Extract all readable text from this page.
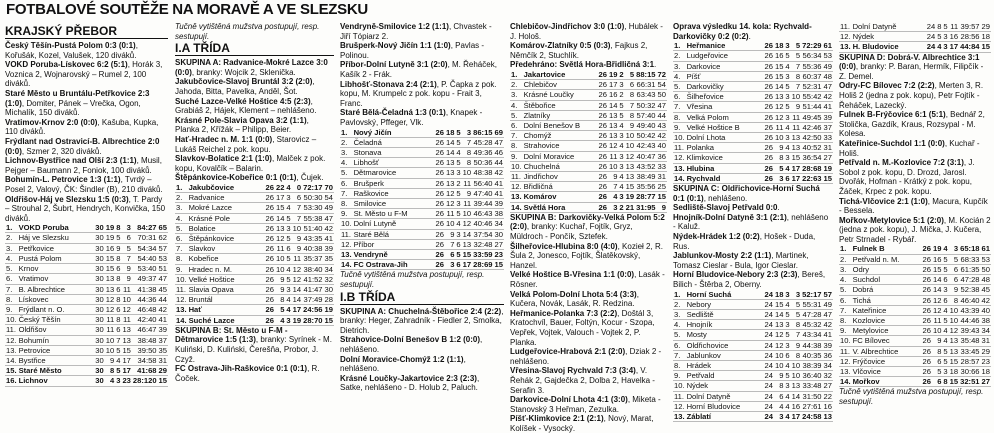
FOTBALOVÉ SOUTĚŽE NA MORAVĚ A VE SLEZSKU
KRAJSKÝ PŘEBOR

Český Těšín-Pustá Polom 0:3 (0:1), Kořušák, Kozel, Valušek, 120 diváků.

VOKD Poruba-Lískovec 6:2 (5:1), Horák 3, Voznica 2, Wojnarovský – Rumel 2, 100 diváků.

Staré Město u Bruntálu-Petřkovice 2:3 (1:0), Domiter, Pánek – Vrečka, Ogon, Michalík, 150 diváků.

Vratimov-Krnov 2:0 (0:0), Kašuba, Kupka, 110 diváků.

Frýdlant nad Ostravicí-B. Albrechtice 2:0 (0:0), Szmer 2, 320 diváků.

Lichnov-Bystřice nad Olší 2:3 (1:1), Musil, Pejger – Baumann 2, Foniok, 100 diváků.

Bohumín-L. Petrovice 1:3 (1:1), Tvrdý – Posel 2, Valový, ČK: Šindler (B), 210 diváků.

Oldřišov-Háj ve Slezsku 1:5 (0:3), T. Pardy – Strouhal 2, Šubrt, Hendrych, Konvička, 150 diváků.

1.	VOKD Poruba	30	19	8	3	84:27	65
2.	Háj ve Slezsku	30	19	5	6	70:31	62
3.	Petřkovice	30	16	9	5	54:34	57
4.	Pustá Polom	30	15	8	7	54:40	53
5.	Krnov	30	15	6	9	53:40	51
6.	Vratimov	30	13	8	9	49:37	47
7.	B. Albrechtice	30	13	6	11	41:38	45
8.	Lískovec	30	12	8	10	44:36	44
9.	Frýdlant n. O.	30	12	6	12	46:48	42
10.	Český Těšín	30	11	8	11	42:40	41
11.	Oldřišov	30	11	6	13	46:47	39
12.	Bohumín	30	10	7	13	38:48	37
13.	Petrovice	30	10	5	15	39:50	35
14.	Bystřice	30	9	4	17	34:58	31
15.	Staré Město	30	8	5	17	41:68	29
16.	Lichnov	30	4	3	23	28:120	15

Tučně vytištěná mužstva postupují, resp. sestupují.

I.A TŘÍDA

SKUPINA A: Radvanice-Mokré Lazce 3:0 (0:0), branky: Wojcik 2, Sklenička.

Jakubčovice-Slavoj Bruntál 3:2 (2:0), Jahoda, Bitta, Pavelka, Anděl, Šot.

Suché Lazce-Velké Hoštice 4:5 (2:3), Grabiáš 2, Hájek, Klement – nehlášeno.

Krásné Pole-Slavia Opava 3:2 (1:1), Planka 2, Křížák – Philipp, Beier.

Hať-Hradec n. M. 1:1 (0:0), Starovicz – Lukáš Reichel z pok. kopu.

Slavkov-Bolatice 2:1 (1:0), Malček z pok. kopu, Kovalčík – Balarin.

Štěpánkovice-Kobeřice 0:1 (0:1), Čujek.

1.	Jakubčovice	26	22	4	0	72:17	70
2.	Radvanice	26	17	3	6	50:30	54
3.	Mokré Lazce	26	15	4	7	53:30	49
4.	Krásné Pole	26	14	5	7	55:38	47
5.	Bolatice	26	13	3	10	51:40	42
6.	Štěpánkovice	26	12	5	9	43:35	41
7.	Slavkov	26	11	6	9	40:38	39
8.	Kobeřice	26	10	5	11	35:37	35
9.	Hradec n. M.	26	10	4	12	38:40	34
10.	Velké Hoštice	26	9	5	12	41:52	32
11.	Slavia Opava	26	9	3	14	41:47	30
12.	Bruntál	26	8	4	14	37:49	28
13.	Hať	26	5	4	17	24:56	19
14.	Suché Lazce	26	4	3	19	28:70	15

SKUPINA B: St. Město u F-M - Dětmarovice 1:5 (1:3), branky: Syrínek - M. Kuliński, D. Kuliński, Čerešňa, Probor, J. Czyž.

FC Ostrava-Jih-Raškovice 0:1 (0:1), R. Čoček.

Vendryně-Smilovice 1:2 (1:1), Chvastek - Jiří Tópiarz 2.

Brušperk-Nový Jičín 1:1 (1:0), Pavlas - Polinou.

Příbor-Dolní Lutyně 3:1 (2:0), M. Řeháček, Kašík 2 - Frák.

Libhošť-Stonava 2:4 (2:1), P. Čapka z pok. kopu, M. Krumpelc z pok. kopu - Frait 3, Franc.

Staré Bělá-Čeladná 1:3 (0:1), Knapek - Pavlovský, Pffeger, Vlk.

1.	Nový Jičín	26	18	5	3	86:15	69
2.	Čeladná	26	14	5	7	45:28	47
3.	Stonava	26	14	4	8	49:36	46
4.	Libhošť	26	13	5	8	50:36	44
5.	Dětmarovice	26	13	3	10	48:38	42
6.	Brušperk	26	13	2	11	56:40	41
7.	Raškovice	26	12	5	9	47:40	41
8.	Smilovice	26	12	3	11	39:44	39
9.	St. Město u F-M	26	11	5	10	46:43	38
10.	Dolní Lutyně	26	10	4	12	40:46	34
11.	Staré Bělá	26	9	3	14	37:54	30
12.	Příbor	26	7	6	13	32:48	27
13.	Vendryně	26	6	5	15	33:59	23
14.	FC Ostrava-Jih	26	3	6	17	28:69	15

Tučně vytištěná mužstva postupují, resp. sestupují.

I.B TŘÍDA

SKUPINA A: Chuchelná-Štěbořice 2:4 (2:2), branky: Heger, Zahradník - Fiedler 2, Smolka, Dietrich.

Strahovice-Dolní Benešov B 1:2 (0:0), nehlášeno.

Dolní Moravice-Chomýž 1:2 (1:1), nehlášeno.

Krásné Loučky-Jakartovice 2:3 (2:3), Satke, nehlášeno - D. Holub 2, Paluch.

Chlebičov-Jindřichov 3:0 (1:0), Hubálek - J. Hološ.

Komárov-Zlatníky 0:5 (0:3), Fajkus 2, Němčík 2, Stuchlík.

Předehráno: Světlá Hora-Břidličná 3:1.

1.	Jakartovice	26	19	2	5	88:15	72
2.	Chlebičov	26	17	3	6	66:31	54
3.	Krásné Loučky	26	16	2	8	63:43	50
4.	Štěbořice	26	14	5	7	50:32	47
5.	Zlatníky	26	13	5	8	57:40	44
6.	Dolní Benešov B	26	13	4	9	49:40	43
7.	Chomýž	26	13	3	10	50:42	42
8.	Strahovice	26	12	4	10	42:43	40
9.	Dolní Moravice	26	11	3	12	40:47	36
10.	Chuchelná	26	10	3	13	43:52	33
11.	Jindřichov	26	9	4	13	38:49	31
12.	Břidličná	26	7	4	15	35:56	25
13.	Komárov	26	4	3	19	28:77	15
14.	Světlá Hora	26	3	2	21	31:95	9

SKUPINA B: Darkovičky-Velká Polom 5:2 (2:0), branky: Kuchař, Fojtík, Gryz, Müldroch - Pončík, Sztefek.

Šilheřovice-Hlubina 8:0 (4:0), Kozieł 2, R. Šula 2, Jonesco, Fojtík, Šlatěkovský, Hanzel.

Velké Hoštice B-Vřesina 1:1 (0:0), Lasák - Rösner.

Velká Polom-Dolní Lhota 5:4 (3:3), Kučera, Novák, Lasák, R. Redzina.

Heřmanice-Polanka 7:3 (2:2), Doštál 3, Kratochvíl, Bauer, Foltýn, Kocur - Szopa, Vepřek, Vojtek, Valouch - Vojtek 2, P. Planka.

Ludgeřovice-Hrabová 2:1 (2:0), Dziak 2 - nehlášeno.

Vřesina-Slavoj Rychvald 7:3 (3:4), V. Řehák 2, Gajdečka 2, Dolba 2, Havelka - Serafin 3.

Darkovice-Dolní Lhota 4:1 (3:0), Miketa - Stanovský 3 Heřman, Zezulka.

Píšť-Klimkovice 2:1 (2:1), Nový, Marat, Kolíšek - Vysocký.

Oprava výsledku 14. kola: Rychvald-Darkovičky 0:2 (0:2).

1.	Heřmanice	26	18	3	5	72:29	61
2.	Ludgeřovice	26	16	5	5	56:34	53
3.	Darkovice	26	15	4	7	55:36	49
4.	Píšť	26	15	3	8	60:37	48
5.	Darkovičky	26	14	5	7	52:31	47
6.	Šilheřovice	26	13	3	10	55:42	42
7.	Vřesina	26	12	5	9	51:44	41
8.	Velká Polom	26	12	3	11	49:45	39
9.	Velké Hoštice B	26	11	4	11	42:46	37
10.	Dolní Lhota	26	10	3	13	42:50	33
11.	Polanka	26	9	4	13	40:52	31
12.	Klimkovice	26	8	3	15	36:54	27
13.	Hlubina	26	5	4	17	28:68	19
14.	Rychvald	26	3	6	17	22:63	15

SKUPINA C: Oldřichovice-Horní Suchá 0:1 (0:1), nehlášeno.

Sedliště-Slavoj Petřvald 0:0.

Hnojník-Dolní Datyně 3:1 (2:1), nehlášeno - Kaluž.

Nýdek-Hrádek 1:2 (0:2), Hošek - Duda, Rus.

Jablunkov-Mosty 2:2 (1:1), Martinek, Tomasz Cieslar - Bula, Igor Cieslar.

Horní Bludovice-Nebory 2:3 (2:3), Bereš, Bilich - Štěrba 2, Oberny.

1.	Horní Suchá	24	18	3	3	52:17	57
2.	Nebory	24	15	4	5	55:31	49
3.	Sedliště	24	14	5	5	47:28	47
4.	Hnojník	24	13	3	8	45:32	42
5.	Mosty	24	12	5	7	43:34	41
6.	Oldřichovice	24	12	3	9	44:38	39
7.	Jablunkov	24	10	6	8	40:35	36
8.	Hrádek	24	10	4	10	38:39	34
9.	Petřvald	24	9	5	10	36:40	32
10.	Nýdek	24	8	3	13	33:48	27
11.	Dolní Datyně	24	6	4	14	31:50	22
12.	Horní Bludovice	24	4	4	16	27:61	16
13.	Záblatí	24	3	4	17	24:58	13
11.	Dolní Datyně	24	8	5	11	39:57	29
12.	Nýdek	24	5	3	16	28:56	18
13.	H. Bludovice	24	4	3	17	44:84	15

SKUPINA D: Dobrá-V. Albrechtice 3:1 (0:0), branky: P. Baran, Hermík, Filipčík - Z. Demel.

Odry-FC Bílovec 7:2 (2:2), Merten 3, R. Holiš 2 (jedna z pok. kopu), Petr Fojtík - Řeháček, Lazecký.

Fulnek B-Frýčovice 6:1 (5:1), Bednář 2, Stolička, Gazdík, Kraus, Rozsypal - M. Kolesa.

Kateřinice-Suchdol 1:1 (0:0), Kuchař - Holiš.

Petřvald n. M.-Kozlovice 7:2 (3:1), J. Sobol z pok. kopu, D. Drozd, Jarosl. Dvořák, Hofman - Krátký z pok. kopu, Žáček, Krpec z pok. kopu.

Tichá-Vlčovice 2:1 (1:0), Macura, Kupčík - Bessela.

Mořkov-Metylovice 5:1 (2:0), M. Kocián 2 (jedna z pok. kopu), J. Mička, J. Kučera, Petr Strnadel - Rybář.

1.	Fulnek B	26	19	4	3	65:18	61
2.	Petřvald n. M.	26	16	5	5	68:33	53
3.	Odry	26	15	5	6	61:35	50
4.	Suchdol	26	14	6	6	47:28	48
5.	Dobrá	26	14	3	9	52:38	45
6.	Tichá	26	12	6	8	46:40	42
7.	Kateřinice	26	12	4	10	43:39	40
8.	Kozlovice	26	11	5	10	44:46	38
9.	Metylovice	26	10	4	12	39:43	34
10.	FC Bílovec	26	9	4	13	35:48	31
11.	V. Albrechtice	26	8	5	13	33:45	29
12.	Frýčovice	26	6	5	15	28:57	23
13.	Vlčovice	26	5	3	18	30:66	18
14.	Mořkov	26	6	8	15	32:51	27

Tučně vytištěná mužstva postupují, resp. sestupují.
